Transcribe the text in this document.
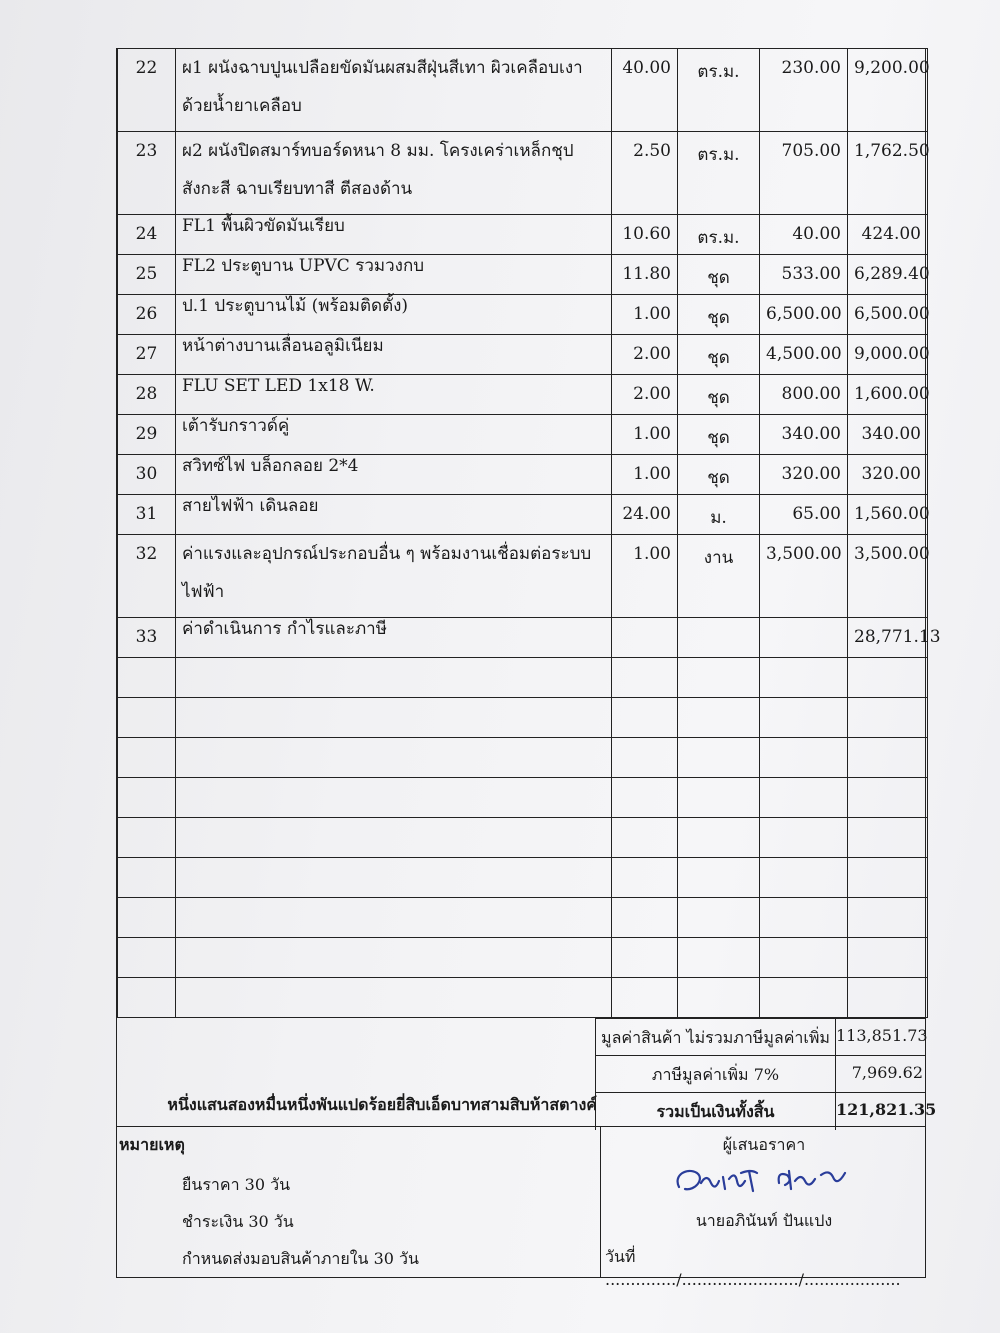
22	ผ1 ผนังฉาบปูนเปลือยขัดมันผสมสีฝุ่นสีเทา ผิวเคลือบเงาด้วยน้ำยาเคลือบ	40.00	ตร.ม.	230.00	9,200.00
23	ผ2 ผนังปิดสมาร์ทบอร์ดหนา 8 มม. โครงเคร่าเหล็กชุปสังกะสี ฉาบเรียบทาสี ตีสองด้าน	2.50	ตร.ม.	705.00	1,762.50
24	FL1 พื้นผิวขัดมันเรียบ	10.60	ตร.ม.	40.00	424.00
25	FL2 ประตูบาน UPVC รวมวงกบ	11.80	ชุด	533.00	6,289.40
26	ป.1 ประตูบานไม้ (พร้อมติดตั้ง)	1.00	ชุด	6,500.00	6,500.00
27	หน้าต่างบานเลื่อนอลูมิเนียม	2.00	ชุด	4,500.00	9,000.00
28	FLU SET LED 1x18 W.	2.00	ชุด	800.00	1,600.00
29	เต้ารับกราวด์คู่	1.00	ชุด	340.00	340.00
30	สวิทซ์ไฟ บล็อกลอย 2*4	1.00	ชุด	320.00	320.00
31	สายไฟฟ้า เดินลอย	24.00	ม.	65.00	1,560.00
32	ค่าแรงและอุปกรณ์ประกอบอื่น ๆ พร้อมงานเชื่อมต่อระบบไฟฟ้า	1.00	งาน	3,500.00	3,500.00
33	ค่าดำเนินการ กำไรและภาษี				28,771.13

มูลค่าสินค้า ไม่รวมภาษีมูลค่าเพิ่ม 113,851.73
ภาษีมูลค่าเพิ่ม 7%	7,969.62
รวมเป็นเงินทั้งสิ้น	121,821.35
หนึ่งแสนสองหมื่นหนึ่งพันแปดร้อยยี่สิบเอ็ดบาทสามสิบห้าสตางค์
หมายเหตุ
ยืนราคา 30 วัน
ชำระเงิน 30 วัน
กำหนดส่งมอบสินค้าภายใน 30 วัน
ผู้เสนอราคา
นายอภินันท์ ปันแปง
วันที่ ............../......................./...................
